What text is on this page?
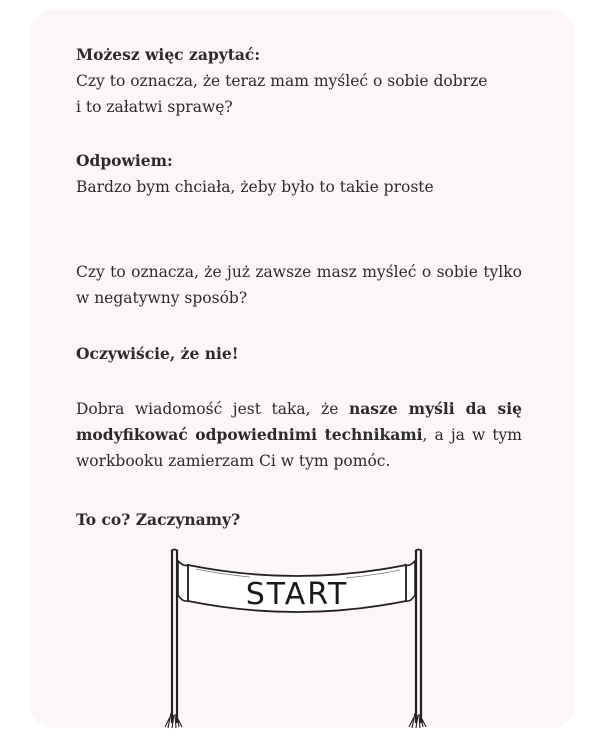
Możesz więc zapytać:

Czy to oznacza, że teraz mam myśleć o sobie dobrze

i to załatwi sprawę?

Odpowiem:

Bardzo bym chciała, żeby było to takie proste

Czy to oznacza, że już zawsze masz myśleć o sobie tylko w negatywny sposób?

Oczywiście, że nie!

Dobra wiadomość jest taka, że nasze myśli da się modyfikować odpowiednimi technikami, a ja w tym workbooku zamierzam Ci w tym pomóc.

To co? Zaczynamy?

START
